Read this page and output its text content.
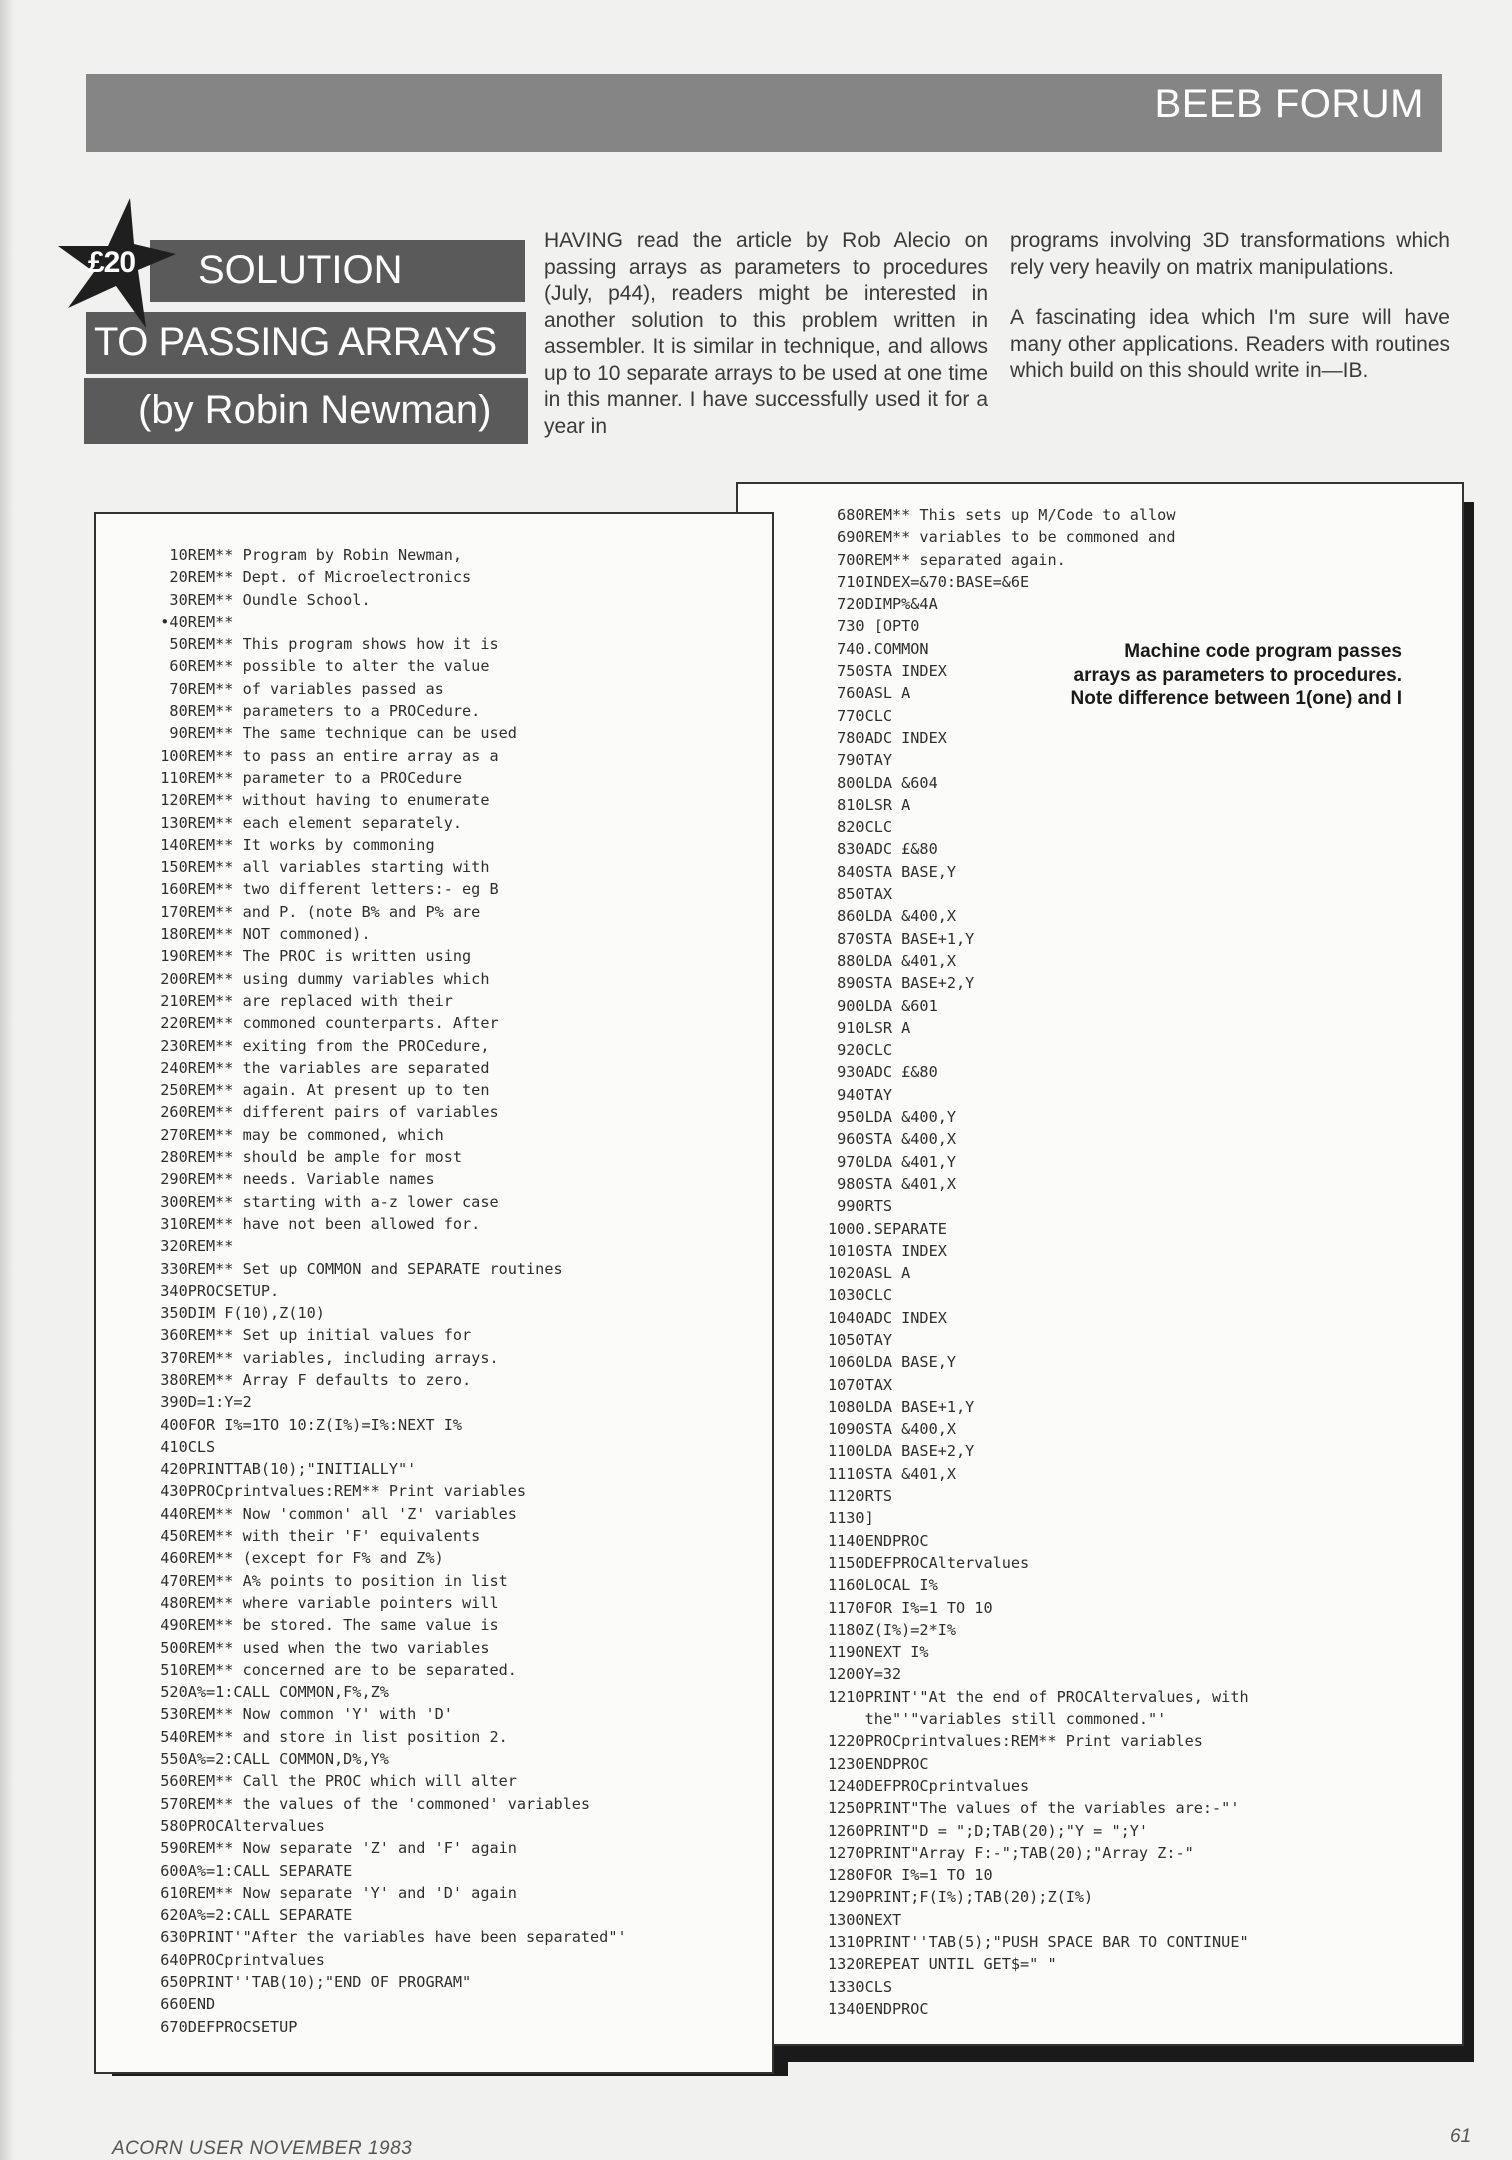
BEEB FORUM
SOLUTION
TO PASSING ARRAYS
(by Robin Newman)
£20

HAVING read the article by Rob Alecio on passing arrays as parameters to procedures (July, p44), readers might be interested in another solution to this problem written in assembler. It is similar in technique, and allows up to 10 separate arrays to be used at one time in this manner. I have successfully used it for a year in

programs involving 3D transformations which rely very heavily on matrix manipulations.

A fascinating idea which I'm sure will have many other applications. Readers with routines which build on this should write in—IB.

680REM** This sets up M/Code to allow
690REM** variables to be commoned and
700REM** separated again.
710INDEX=&70:BASE=&6E
720DIMP%&4A
730 [OPT0
740.COMMON
750STA INDEX
760ASL A
770CLC
780ADC INDEX
790TAY
800LDA &604
810LSR A
820CLC
830ADC £&80
840STA BASE,Y
850TAX
860LDA &400,X
870STA BASE+1,Y
880LDA &401,X
890STA BASE+2,Y
900LDA &601
910LSR A
920CLC
930ADC £&80
940TAY
950LDA &400,Y
960STA &400,X
970LDA &401,Y
980STA &401,X
990RTS
1000.SEPARATE
1010STA INDEX
1020ASL A
1030CLC
1040ADC INDEX
1050TAY
1060LDA BASE,Y
1070TAX
1080LDA BASE+1,Y
1090STA &400,X
1100LDA BASE+2,Y
1110STA &401,X
1120RTS
1130]
1140ENDPROC
1150DEFPROCAltervalues
1160LOCAL I%
1170FOR I%=1 TO 10
1180Z(I%)=2*I%
1190NEXT I%
1200Y=32
1210PRINT'"At the end of PROCAltervalues, with
the"'"variables still commoned."'
1220PROCprintvalues:REM** Print variables
1230ENDPROC
1240DEFPROCprintvalues
1250PRINT"The values of the variables are:-"'
1260PRINT"D = ";D;TAB(20);"Y = ";Y'
1270PRINT"Array F:-";TAB(20);"Array Z:-"
1280FOR I%=1 TO 10
1290PRINT;F(I%);TAB(20);Z(I%)
1300NEXT
1310PRINT''TAB(5);"PUSH SPACE BAR TO CONTINUE"
1320REPEAT UNTIL GET$=" "
1330CLS
1340ENDPROC
Machine code program passes arrays as parameters to procedures. Note difference between 1(one) and I
10REM** Program by Robin Newman,
20REM** Dept. of Microelectronics
30REM** Oundle School.
•40REM**
50REM** This program shows how it is
60REM** possible to alter the value
70REM** of variables passed as
80REM** parameters to a PROCedure.
90REM** The same technique can be used
100REM** to pass an entire array as a
110REM** parameter to a PROCedure
120REM** without having to enumerate
130REM** each element separately.
140REM** It works by commoning
150REM** all variables starting with
160REM** two different letters:- eg B
170REM** and P. (note B% and P% are
180REM** NOT commoned).
190REM** The PROC is written using
200REM** using dummy variables which
210REM** are replaced with their
220REM** commoned counterparts. After
230REM** exiting from the PROCedure,
240REM** the variables are separated
250REM** again. At present up to ten
260REM** different pairs of variables
270REM** may be commoned, which
280REM** should be ample for most
290REM** needs. Variable names
300REM** starting with a-z lower case
310REM** have not been allowed for.
320REM**
330REM** Set up COMMON and SEPARATE routines
340PROCSETUP.
350DIM F(10),Z(10)
360REM** Set up initial values for
370REM** variables, including arrays.
380REM** Array F defaults to zero.
390D=1:Y=2
400FOR I%=1TO 10:Z(I%)=I%:NEXT I%
410CLS
420PRINTTAB(10);"INITIALLY"'
430PROCprintvalues:REM** Print variables
440REM** Now 'common' all 'Z' variables
450REM** with their 'F' equivalents
460REM** (except for F% and Z%)
470REM** A% points to position in list
480REM** where variable pointers will
490REM** be stored. The same value is
500REM** used when the two variables
510REM** concerned are to be separated.
520A%=1:CALL COMMON,F%,Z%
530REM** Now common 'Y' with 'D'
540REM** and store in list position 2.
550A%=2:CALL COMMON,D%,Y%
560REM** Call the PROC which will alter
570REM** the values of the 'commoned' variables
580PROCAltervalues
590REM** Now separate 'Z' and 'F' again
600A%=1:CALL SEPARATE
610REM** Now separate 'Y' and 'D' again
620A%=2:CALL SEPARATE
630PRINT'"After the variables have been separated"'
640PROCprintvalues
650PRINT''TAB(10);"END OF PROGRAM"
660END
670DEFPROCSETUP
ACORN USER NOVEMBER 1983
61
